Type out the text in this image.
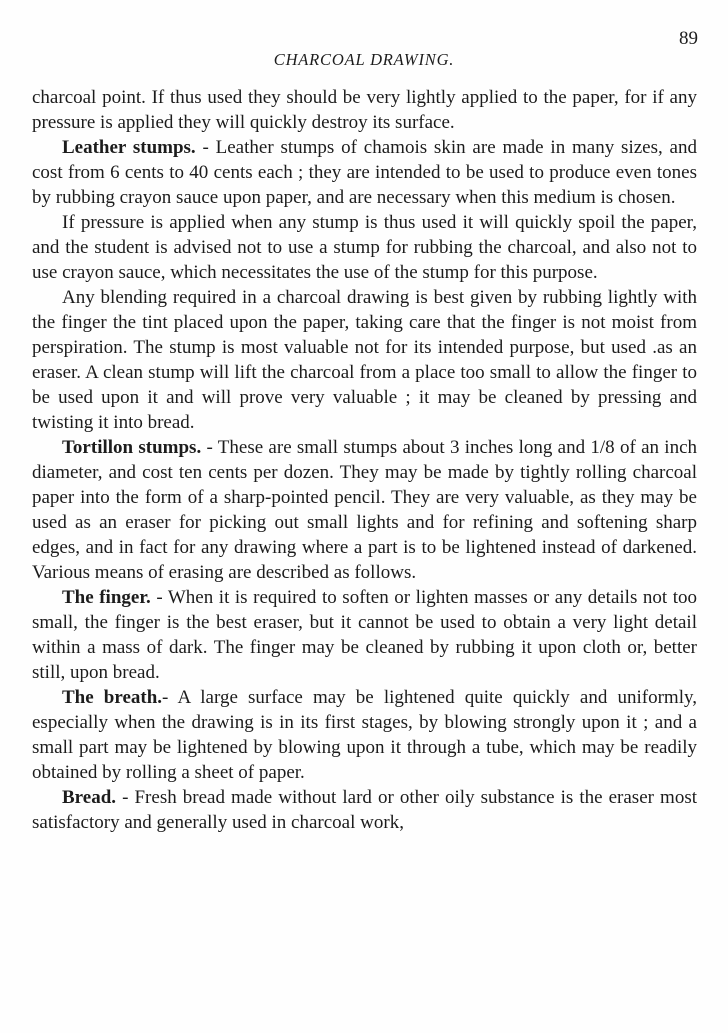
89
CHARCOAL DRAWING.

charcoal point. If thus used they should be very lightly applied to the paper, for if any pressure is applied they will quickly destroy its surface.

Leather stumps. - Leather stumps of chamois skin are made in many sizes, and cost from 6 cents to 40 cents each ; they are intended to be used to produce even tones by rubbing crayon sauce upon paper, and are necessary when this medium is chosen.

If pressure is applied when any stump is thus used it will quickly spoil the paper, and the student is advised not to use a stump for rubbing the charcoal, and also not to use crayon sauce, which necessitates the use of the stump for this purpose.

Any blending required in a charcoal drawing is best given by rubbing lightly with the finger the tint placed upon the paper, taking care that the finger is not moist from perspiration. The stump is most valuable not for its intended purpose, but used .as an eraser. A clean stump will lift the charcoal from a place too small to allow the finger to be used upon it and will prove very valuable ; it may be cleaned by pressing and twisting it into bread.

Tortillon stumps. - These are small stumps about 3 inches long and 1/8 of an inch diameter, and cost ten cents per dozen. They may be made by tightly rolling charcoal paper into the form of a sharp-pointed pencil. They are very valuable, as they may be used as an eraser for picking out small lights and for refining and softening sharp edges, and in fact for any drawing where a part is to be lightened instead of darkened. Various means of erasing are described as follows.

The finger. - When it is required to soften or lighten masses or any details not too small, the finger is the best eraser, but it cannot be used to obtain a very light detail within a mass of dark. The finger may be cleaned by rubbing it upon cloth or, better still, upon bread.

The breath.- A large surface may be lightened quite quickly and uniformly, especially when the drawing is in its first stages, by blowing strongly upon it ; and a small part may be lightened by blowing upon it through a tube, which may be readily obtained by rolling a sheet of paper.

Bread. - Fresh bread made without lard or other oily substance is the eraser most satisfactory and generally used in charcoal work,
